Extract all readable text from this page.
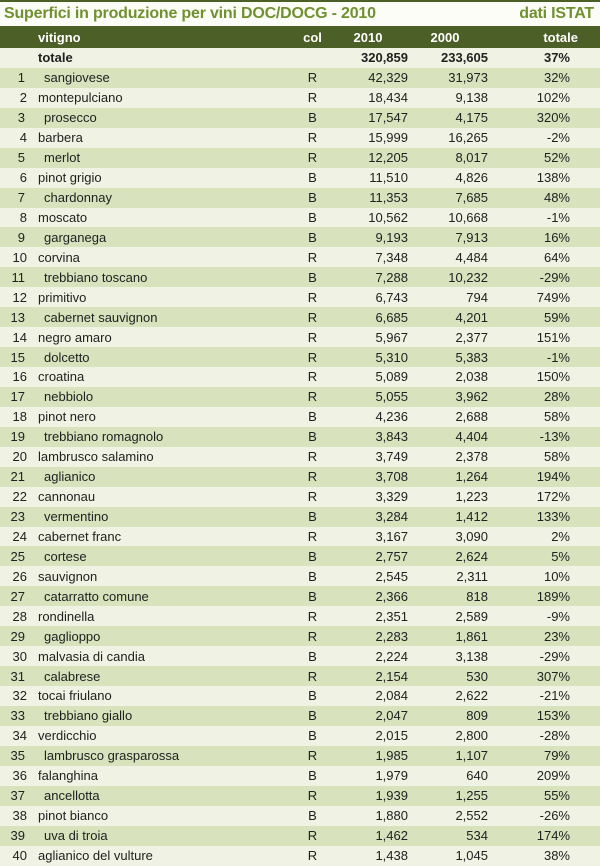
Superfici in produzione per vini DOC/DOCG - 2010	dati ISTAT
vitigno	col	2010	2000	totale
totale	320,859	233,605	37%
1	sangiovese	R	42,329	31,973	32%
2 montepulciano	R	18,434	9,138	102%
3	prosecco	B	17,547	4,175	320%
4 barbera	R	15,999	16,265	-2%
5	merlot	R	12,205	8,017	52%
6 pinot grigio	B	11,510	4,826	138%
7	chardonnay	B	11,353	7,685	48%
8 moscato	B	10,562	10,668	-1%
9	garganega	B	9,193	7,913	16%
10 corvina	R	7,348	4,484	64%
11	trebbiano toscano	B	7,288	10,232	-29%
12 primitivo	R	6,743	794	749%
13	cabernet sauvignon	R	6,685	4,201	59%
14 negro amaro	R	5,967	2,377	151%
15	dolcetto	R	5,310	5,383	-1%
16 croatina	R	5,089	2,038	150%
17	nebbiolo	R	5,055	3,962	28%
18 pinot nero	B	4,236	2,688	58%
19	trebbiano romagnolo	B	3,843	4,404	-13%
20 lambrusco salamino	R	3,749	2,378	58%
21	aglianico	R	3,708	1,264	194%
22 cannonau	R	3,329	1,223	172%
23	vermentino	B	3,284	1,412	133%
24 cabernet franc	R	3,167	3,090	2%
25	cortese	B	2,757	2,624	5%
26 sauvignon	B	2,545	2,311	10%
27	catarratto comune	B	2,366	818	189%
28 rondinella	R	2,351	2,589	-9%
29	gaglioppo	R	2,283	1,861	23%
30 malvasia di candia	B	2,224	3,138	-29%
31	calabrese	R	2,154	530	307%
32 tocai friulano	B	2,084	2,622	-21%
33	trebbiano giallo	B	2,047	809	153%
34 verdicchio	B	2,015	2,800	-28%
35	lambrusco grasparossa	R	1,985	1,107	79%
36 falanghina	B	1,979	640	209%
37	ancellotta	R	1,939	1,255	55%
38 pinot bianco	B	1,880	2,552	-26%
39	uva di troia	R	1,462	534	174%
40 aglianico del vulture	R	1,438	1,045	38%
